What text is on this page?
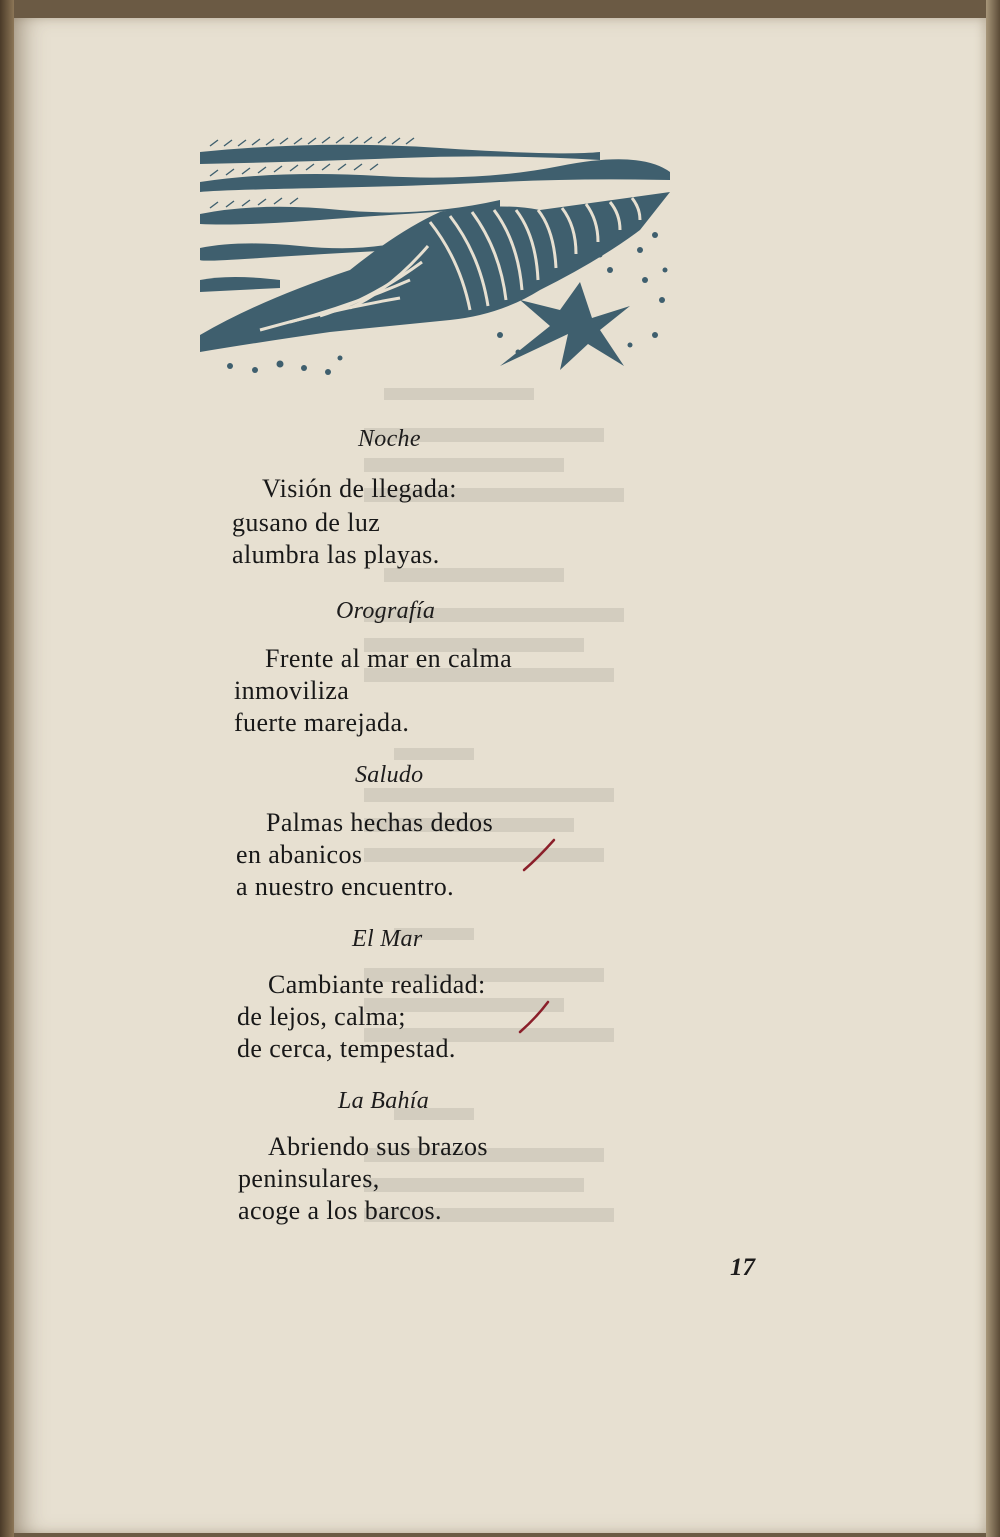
Noche
Visión de llegada:
gusano de luz
alumbra las playas.
Orografía
Frente al mar en calma
inmoviliza
fuerte marejada.
Saludo
Palmas hechas dedos
en abanicos
a nuestro encuentro.
El Mar
Cambiante realidad:
de lejos, calma;
de cerca, tempestad.
La Bahía
Abriendo sus brazos
peninsulares,
acoge a los barcos.
17
